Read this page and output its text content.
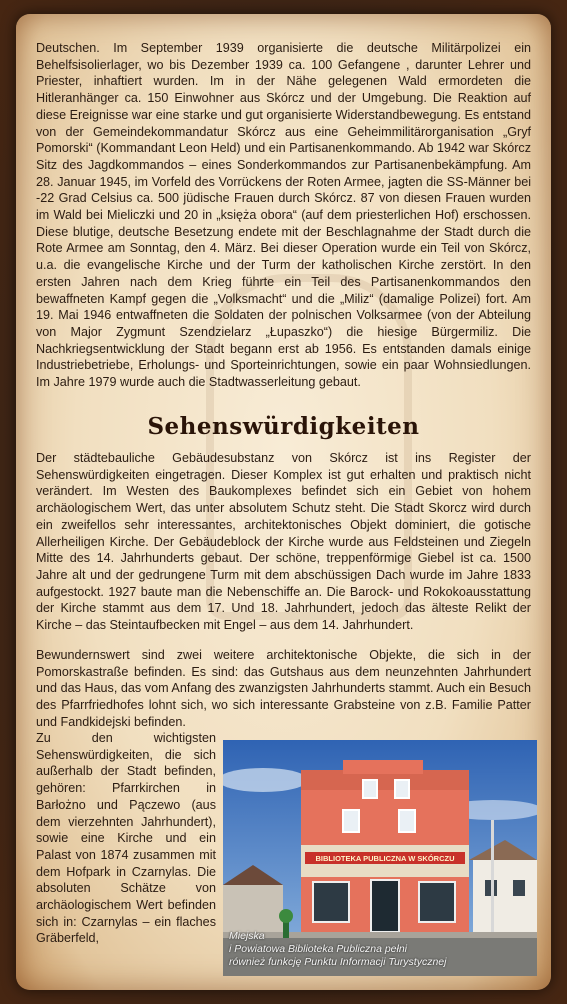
Deutschen. Im September 1939 organisierte die deutsche Militärpolizei ein Behelfsisolierlager, wo bis Dezember 1939 ca. 100 Gefangene , darunter Lehrer und Priester, inhaftiert wurden. Im in der Nähe gelegenen Wald ermordeten die Hitleranhänger ca. 150 Einwohner aus Skórcz und der Umgebung. Die Reaktion auf diese Ereignisse war eine starke und gut organisierte Widerstandbewegung. Es entstand von der Gemeindekommandatur Skórcz aus eine Geheimmilitärorganisation „Gryf Pomorski“ (Kommandant Leon Held) und ein Partisanenkommando. Ab 1942 war Skórcz Sitz des Jagdkommandos – eines Sonderkommandos zur Partisanenbekämpfung. Am 28. Januar 1945, im Vorfeld des Vorrückens der Roten Armee, jagten die SS-Männer bei -22 Grad Celsius ca. 500 jüdische Frauen durch Skórcz. 87 von diesen Frauen wurden im Wald bei Mieliczki und 20 in „księża obora“ (auf dem priesterlichen Hof) erschossen. Diese blutige, deutsche Besetzung endete mit der Beschlagnahme der Stadt durch die Rote Armee am Sonntag, den 4. März. Bei dieser Operation wurde ein Teil von Skórcz, u.a. die evangelische Kirche und der Turm der katholischen Kirche zerstört. In den ersten Jahren nach dem Krieg führte ein Teil des Partisanenkommandos den bewaffneten Kampf gegen die „Volksmacht“ und die „Miliz“ (damalige Polizei) fort. Am 19. Mai 1946 entwaffneten die Soldaten der polnischen Volksarmee (von der Abteilung von Major Zygmunt Szendzielarz „Łupaszko“) die hiesige Bürgermiliz. Die Nachkriegsentwicklung der Stadt begann erst ab 1956. Es entstanden damals einige Industriebetriebe, Erholungs- und Sporteinrichtungen, sowie ein paar Wohnsiedlungen. Im Jahre 1979 wurde auch die Stadtwasserleitung gebaut.

Sehenswürdigkeiten

Der städtebauliche Gebäudesubstanz von Skórcz ist ins Register der Sehenswürdigkeiten eingetragen. Dieser Komplex ist gut erhalten und praktisch nicht verändert. Im Westen des Baukomplexes befindet sich ein Gebiet von hohem archäologischem Wert, das unter absolutem Schutz steht. Die Stadt Skorcz wird durch ein zweifellos sehr interessantes, architektonisches Objekt dominiert, die gotische Allerheiligen Kirche. Der Gebäudeblock der Kirche wurde aus Feldsteinen und Ziegeln Mitte des 14. Jahrhunderts gebaut. Der schöne, treppenförmige Giebel ist ca. 1500 Jahre alt und der gedrungene Turm mit dem abschüssigen Dach wurde im Jahre 1833 aufgestockt. 1927 baute man die Nebenschiffe an. Die Barock- und Rokokoausstattung der Kirche stammt aus dem 17. Und 18. Jahrhundert, jedoch das älteste Relikt der Kirche – das Steintaufbecken mit Engel – aus dem 14. Jahrhundert.

Bewundernswert sind zwei weitere architektonische Objekte, die sich in der Pomorskastraße befinden. Es sind: das Gutshaus aus dem neunzehnten Jahrhundert und das Haus, das vom Anfang des zwanzigsten Jahrhunderts stammt. Auch ein Besuch des Pfarrfriedhofes lohnt sich, wo sich interessante Grabsteine von z.B. Familie Patter und Fandkidejski befinden.

Zu den wichtigsten Sehenswürdigkeiten, die sich außerhalb der Stadt befinden, gehören: Pfarrkirchen in Barłożno und Pączewo (aus dem vierzehnten Jahrhundert), sowie eine Kirche und ein Palast von 1874 zusammen mit dem Hofpark in Czarnylas. Die absoluten Schätze von archäologischem Wert befinden sich in: Czarnylas – ein flaches Gräberfeld,

BIBLIOTEKA PUBLICZNA W SKÓRCZU

Miejska
i Powiatowa Biblioteka Publiczna pełni
również funkcję Punktu Informacji Turystycznej
